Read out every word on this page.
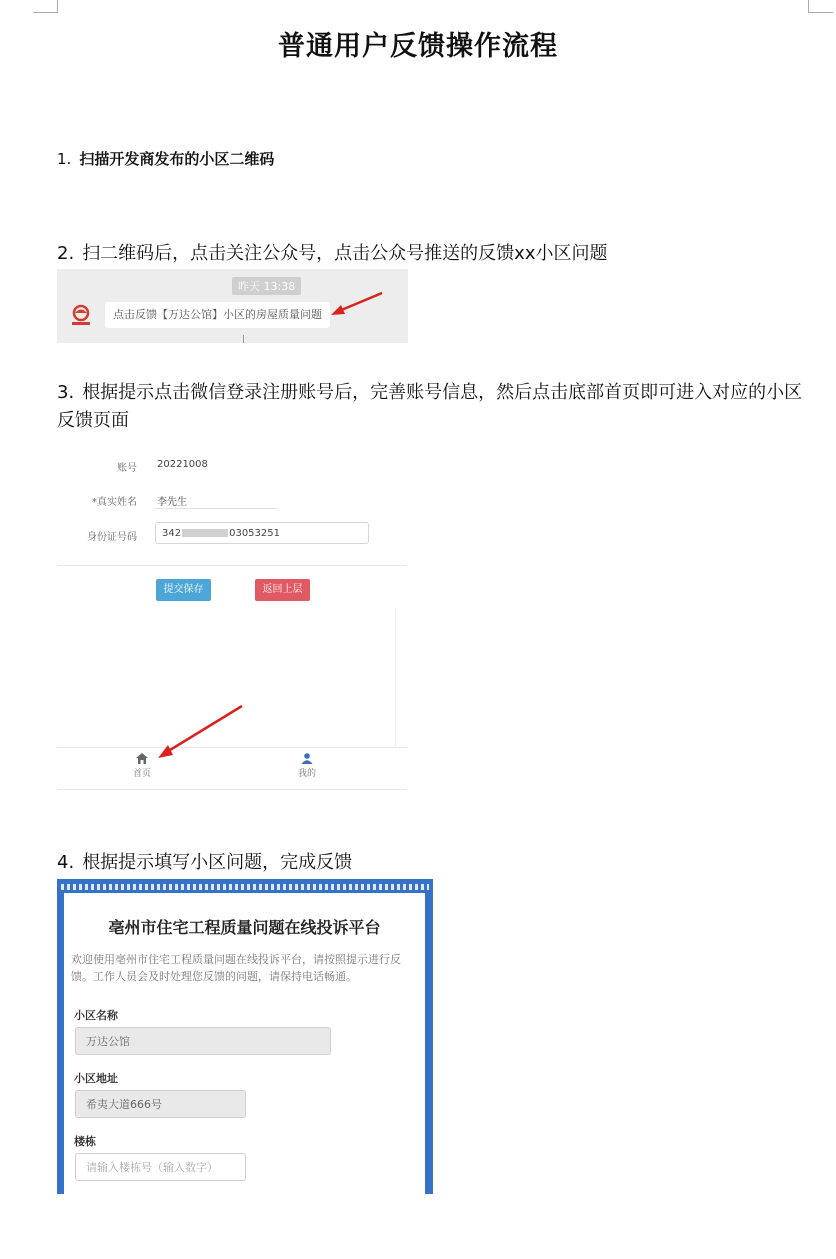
普通用户反馈操作流程
1. 扫描开发商发布的小区二维码
2. 扫二维码后，点击关注公众号，点击公众号推送的反馈xx小区问题
昨天 13:38
点击反馈【万达公馆】小区的房屋质量问题
3. 根据提示点击微信登录注册账号后，完善账号信息，然后点击底部首页即可进入对应的小区反馈页面
账号 20221008
*真实姓名 李先生
身份证号码	342	03053251
提交保存	返回上层
首页	我的
4. 根据提示填写小区问题，完成反馈
亳州市住宅工程质量问题在线投诉平台
欢迎使用亳州市住宅工程质量问题在线投诉平台，请按照提示进行反馈。工作人员会及时处理您反馈的问题，请保持电话畅通。
小区名称
万达公馆
小区地址
希夷大道666号
楼栋
请输入楼栋号（输入数字）
